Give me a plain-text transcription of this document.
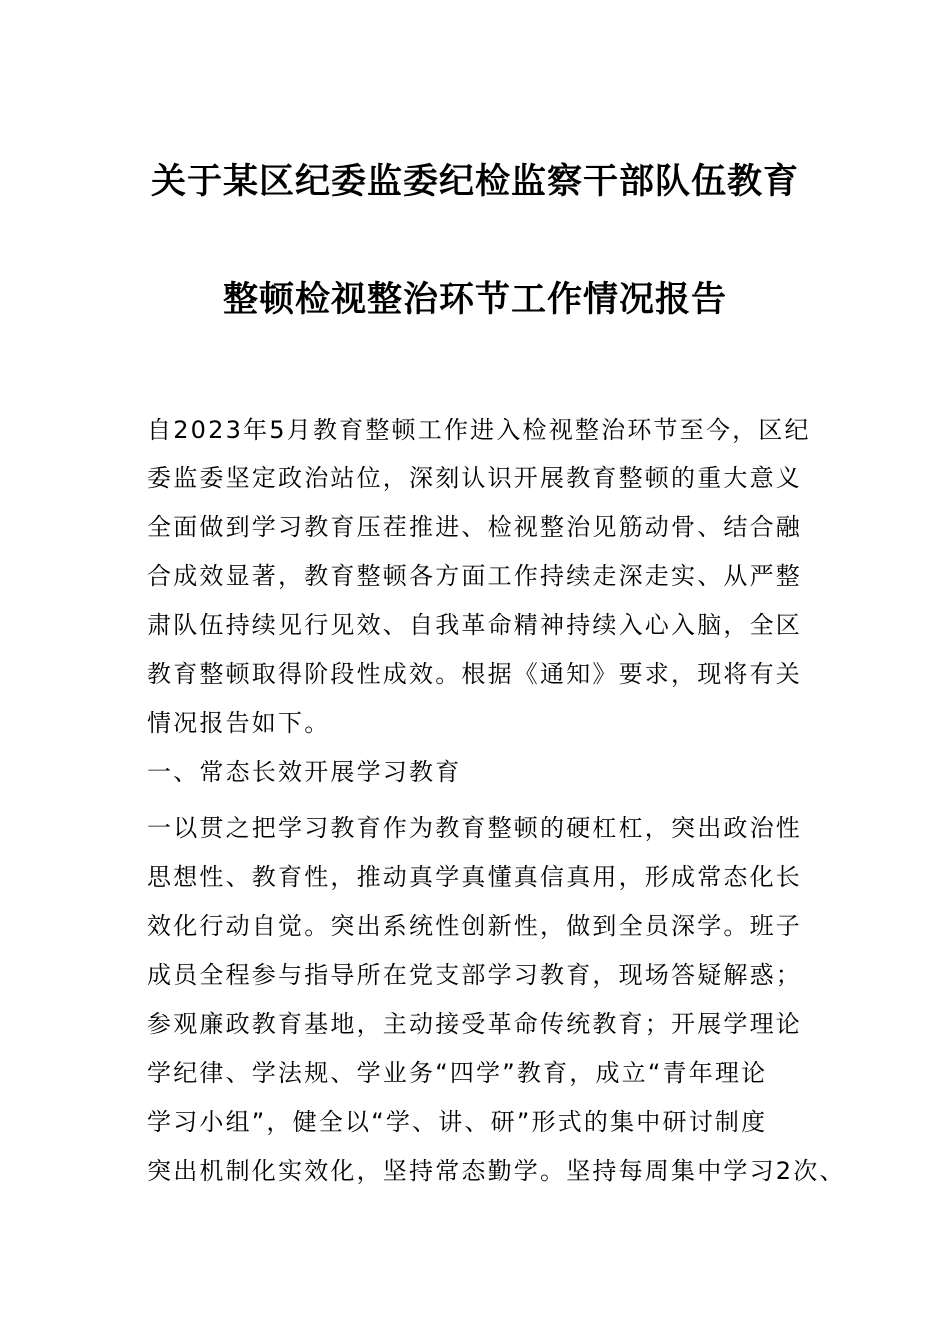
关于某区纪委监委纪检监察干部队伍教育
整顿检视整治环节工作情况报告
自2023年5月教育整顿工作进入检视整治环节至今，区纪
委监委坚定政治站位，深刻认识开展教育整顿的重大意义
全面做到学习教育压茬推进、检视整治见筋动骨、结合融
合成效显著，教育整顿各方面工作持续走深走实、从严整
肃队伍持续见行见效、自我革命精神持续入心入脑，全区
教育整顿取得阶段性成效。根据《通知》要求，现将有关
情况报告如下。
一、常态长效开展学习教育
一以贯之把学习教育作为教育整顿的硬杠杠，突出政治性
思想性、教育性，推动真学真懂真信真用，形成常态化长
效化行动自觉。突出系统性创新性，做到全员深学。班子
成员全程参与指导所在党支部学习教育，现场答疑解惑；
参观廉政教育基地，主动接受革命传统教育；开展学理论
学纪律、学法规、学业务“四学”教育，成立“青年理论
学习小组”，健全以“学、讲、研”形式的集中研讨制度
突出机制化实效化，坚持常态勤学。坚持每周集中学习2次、
